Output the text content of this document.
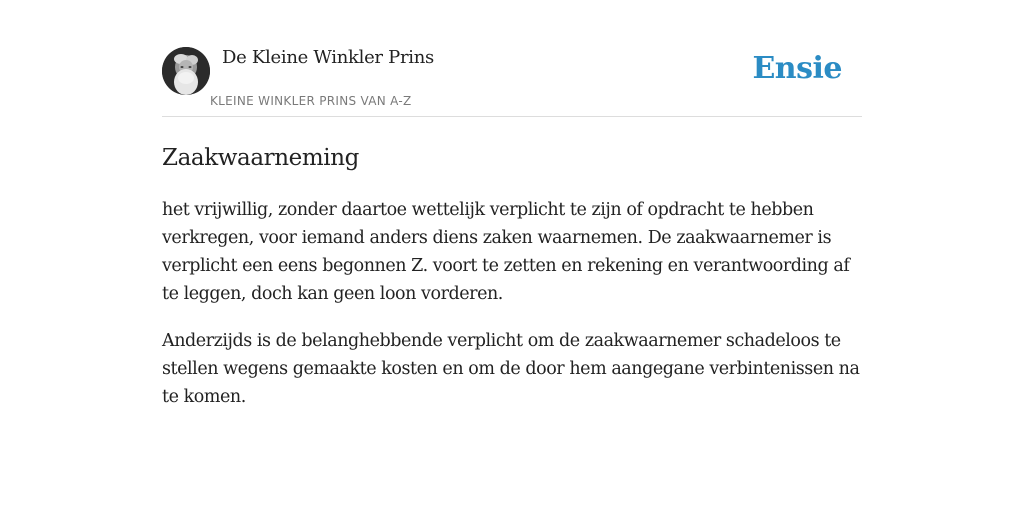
De Kleine Winkler Prins
KLEINE WINKLER PRINS VAN A-Z
Ensie
Zaakwaarneming

het vrijwillig, zonder daartoe wettelijk verplicht te zijn of opdracht te hebben verkregen, voor iemand anders diens zaken waarnemen. De zaakwaarnemer is verplicht een eens begonnen Z. voort te zetten en rekening en verantwoording af te leggen, doch kan geen loon vorderen.

Anderzijds is de belanghebbende verplicht om de zaakwaarnemer schadeloos te stellen wegens gemaakte kosten en om de door hem aangegane verbintenissen na te komen.
